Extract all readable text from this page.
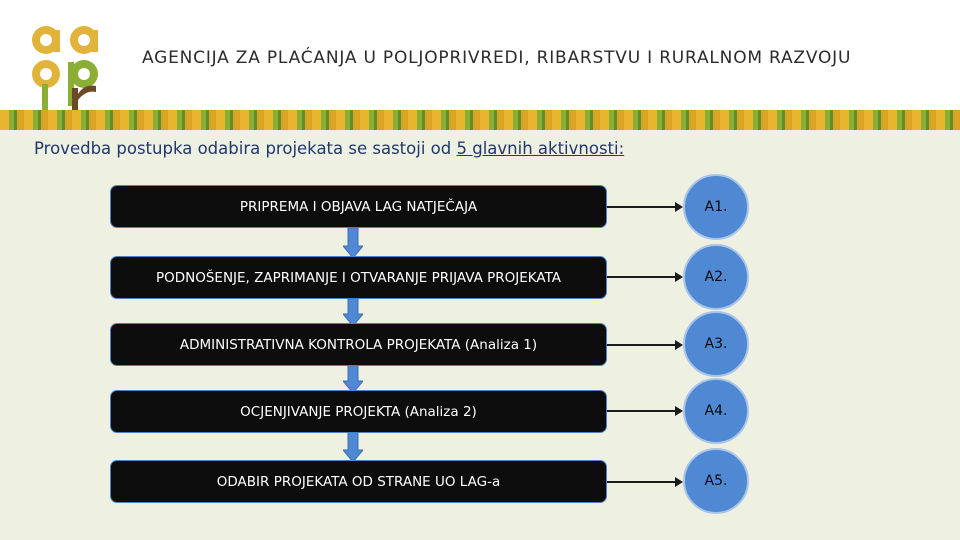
AGENCIJA ZA PLAĆANJA U POLJOPRIVREDI, RIBARSTVU I RURALNOM RAZVOJU
Provedba postupka odabira projekata se sastoji od 5 glavnih aktivnosti:
PRIPREMA I OBJAVA LAG NATJEČAJA	A1.
PODNOŠENJE, ZAPRIMANJE I OTVARANJE PRIJAVA PROJEKATA	A2.
ADMINISTRATIVNA KONTROLA PROJEKATA (Analiza 1)	A3.
OCJENJIVANJE PROJEKTA (Analiza 2)	A4.
ODABIR PROJEKATA OD STRANE UO LAG-a	A5.
